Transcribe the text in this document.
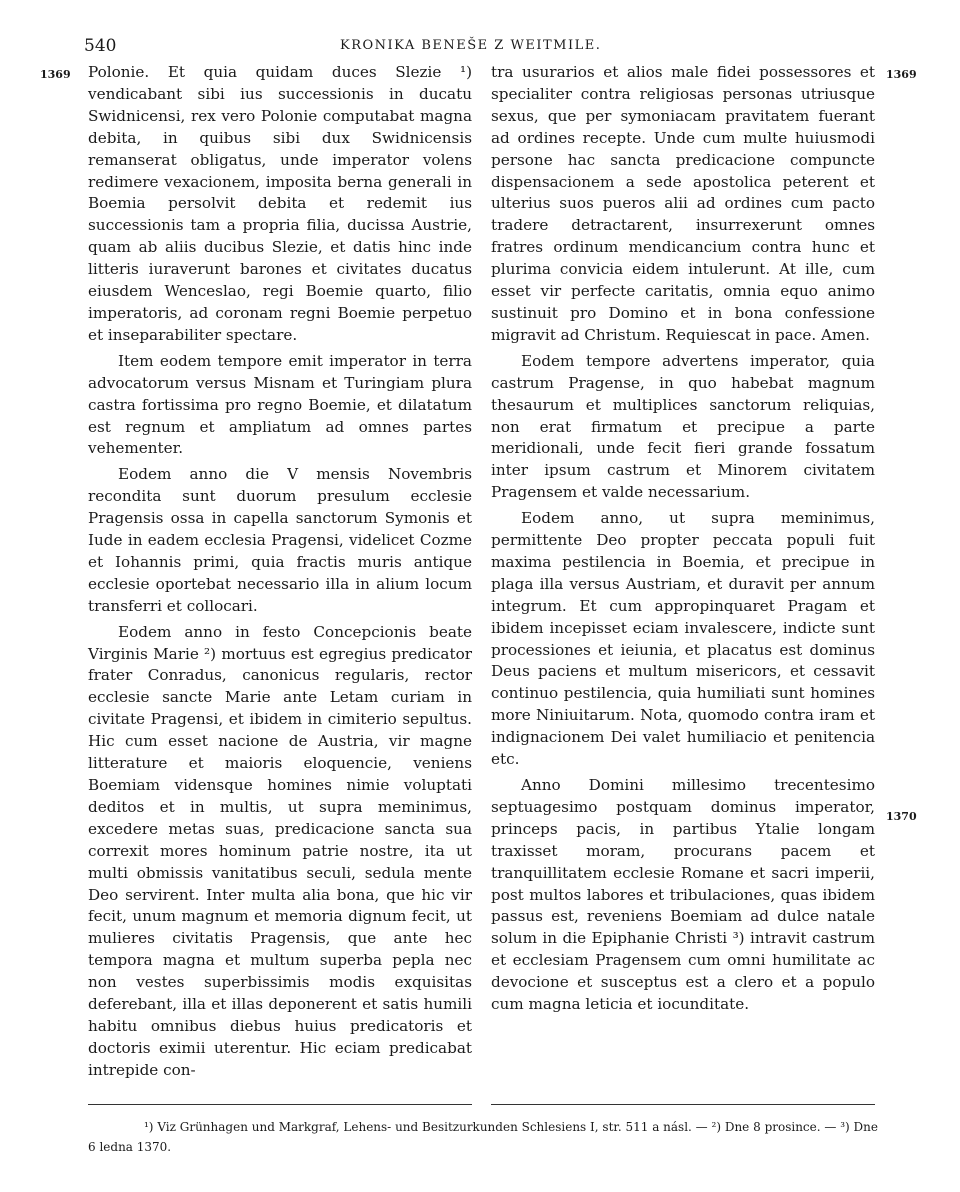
540	KRONIKA BENEŠE Z WEITMILE.
1369	1369
1370

Polonie. Et quia quidam duces Slezie ¹) vendicabant sibi ius successionis in ducatu Swidnicensi, rex vero Polonie computabat magna debita, in quibus sibi dux Swidnicensis remanserat obligatus, unde imperator volens redimere vexacionem, imposita berna generali in Boemia persolvit debita et redemit ius successionis tam a propria filia, ducissa Austrie, quam ab aliis ducibus Slezie, et datis hinc inde litteris iuraverunt barones et civitates ducatus eiusdem Wenceslao, regi Boemie quarto, filio imperatoris, ad coronam regni Boemie perpetuo et inseparabiliter spectare.

Item eodem tempore emit imperator in terra advocatorum versus Misnam et Turingiam plura castra fortissima pro regno Boemie, et dilatatum est regnum et ampliatum ad omnes partes vehementer.

Eodem anno die V mensis Novembris recondita sunt duorum presulum ecclesie Pragensis ossa in capella sanctorum Symonis et Iude in eadem ecclesia Pragensi, videlicet Cozme et Iohannis primi, quia fractis muris antique ecclesie oportebat necessario illa in alium locum transferri et collocari.

Eodem anno in festo Concepcionis beate Virginis Marie ²) mortuus est egregius predicator frater Conradus, canonicus regularis, rector ecclesie sancte Marie ante Letam curiam in civitate Pragensi, et ibidem in cimiterio sepultus. Hic cum esset nacione de Austria, vir magne litterature et maioris eloquencie, veniens Boemiam vidensque homines nimie voluptati deditos et in multis, ut supra meminimus, excedere metas suas, predicacione sancta sua correxit mores hominum patrie nostre, ita ut multi obmissis vanitatibus seculi, sedula mente Deo servirent. Inter multa alia bona, que hic vir fecit, unum magnum et memoria dignum fecit, ut mulieres civitatis Pragensis, que ante hec tempora magna et multum superba pepla nec non vestes superbissimis modis exquisitas deferebant, illa et illas deponerent et satis humili habitu omnibus diebus huius predicatoris et doctoris eximii uterentur. Hic eciam predicabat intrepide con-

tra usurarios et alios male fidei possessores et specialiter contra religiosas personas utriusque sexus, que per symoniacam pravitatem fuerant ad ordines recepte. Unde cum multe huiusmodi persone hac sancta predicacione compuncte dispensacionem a sede apostolica peterent et ulterius suos pueros alii ad ordines cum pacto tradere detractarent, insurrexerunt omnes fratres ordinum mendicancium contra hunc et plurima convicia eidem intulerunt. At ille, cum esset vir perfecte caritatis, omnia equo animo sustinuit pro Domino et in bona confessione migravit ad Christum. Requiescat in pace. Amen.

Eodem tempore advertens imperator, quia castrum Pragense, in quo habebat magnum thesaurum et multiplices sanctorum reliquias, non erat firmatum et precipue a parte meridionali, unde fecit fieri grande fossatum inter ipsum castrum et Minorem civitatem Pragensem et valde necessarium.

Eodem anno, ut supra meminimus, permittente Deo propter peccata populi fuit maxima pestilencia in Boemia, et precipue in plaga illa versus Austriam, et duravit per annum integrum. Et cum appropinquaret Pragam et ibidem incepisset eciam invalescere, indicte sunt processiones et ieiunia, et placatus est dominus Deus paciens et multum misericors, et cessavit continuo pestilencia, quia humiliati sunt homines more Niniuitarum. Nota, quomodo contra iram et indignacionem Dei valet humiliacio et penitencia etc.

Anno Domini millesimo trecentesimo septuagesimo postquam dominus imperator, princeps pacis, in partibus Ytalie longam traxisset moram, procurans pacem et tranquillitatem ecclesie Romane et sacri imperii, post multos labores et tribulaciones, quas ibidem passus est, reveniens Boemiam ad dulce natale solum in die Epiphanie Christi ³) intravit castrum et ecclesiam Pragensem cum omni humilitate ac devocione et susceptus est a clero et a populo cum magna leticia et iocunditate.

¹) Viz Grünhagen und Markgraf, Lehens- und Besitzurkunden Schlesiens I, str. 511 a násl. — ²) Dne 8 prosince. — ³) Dne 6 ledna 1370.
